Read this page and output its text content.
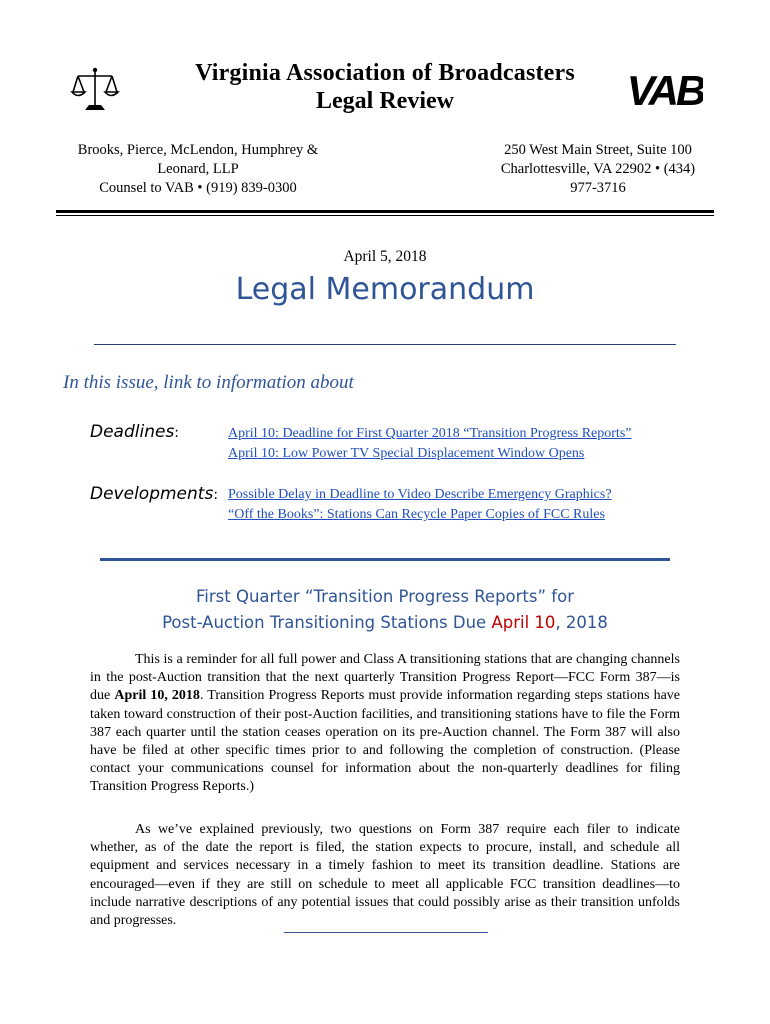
Virginia Association of Broadcasters
Legal Review	VAB
Brooks, Pierce, McLendon, Humphrey &
Leonard, LLP
Counsel to VAB • (919) 839-0300
250 West Main Street, Suite 100
Charlottesville, VA 22902 • (434)
977-3716
April 5, 2018
Legal Memorandum
In this issue, link to information about
Deadlines:	April 10: Deadline for First Quarter 2018 “Transition Progress Reports”
April 10: Low Power TV Special Displacement Window Opens
Developments: Possible Delay in Deadline to Video Describe Emergency Graphics?
“Off the Books”: Stations Can Recycle Paper Copies of FCC Rules
First Quarter “Transition Progress Reports” for
Post-Auction Transitioning Stations Due April 10, 2018
This is a reminder for all full power and Class A transitioning stations that are changing channels in the post-Auction transition that the next quarterly Transition Progress Report—FCC Form 387—is due April 10, 2018. Transition Progress Reports must provide information regarding steps stations have taken toward construction of their post-Auction facilities, and transitioning stations have to file the Form 387 each quarter until the station ceases operation on its pre-Auction channel. The Form 387 will also have be filed at other specific times prior to and following the completion of construction. (Please contact your communications counsel for information about the non-quarterly deadlines for filing Transition Progress Reports.)
As we’ve explained previously, two questions on Form 387 require each filer to indicate whether, as of the date the report is filed, the station expects to procure, install, and schedule all equipment and services necessary in a timely fashion to meet its transition deadline. Stations are encouraged—even if they are still on schedule to meet all applicable FCC transition deadlines—to include narrative descriptions of any potential issues that could possibly arise as their transition unfolds and progresses.
